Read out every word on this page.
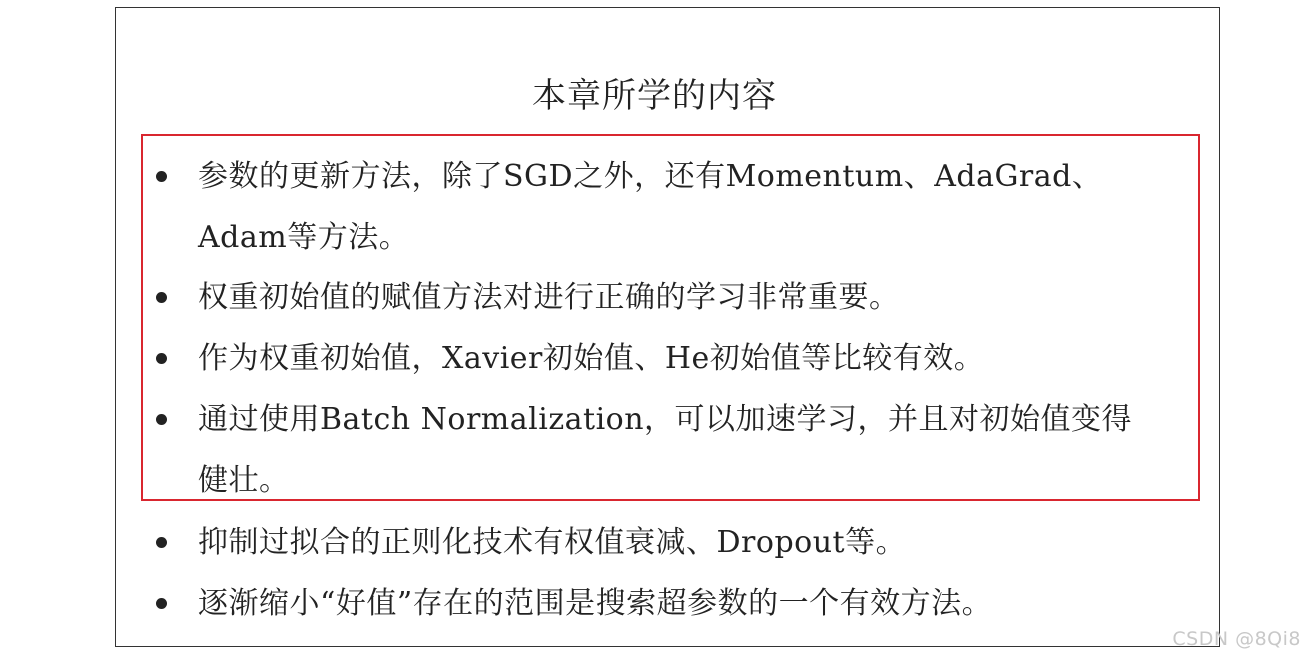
本章所学的内容
参数的更新方法，除了SGD之外，还有Momentum、AdaGrad、
Adam等方法。
权重初始值的赋值方法对进行正确的学习非常重要。
作为权重初始值，Xavier初始值、He初始值等比较有效。
通过使用Batch Normalization，可以加速学习，并且对初始值变得
健壮。
抑制过拟合的正则化技术有权值衰减、Dropout等。
逐渐缩小“好值”存在的范围是搜索超参数的一个有效方法。
CSDN @8Qi8
